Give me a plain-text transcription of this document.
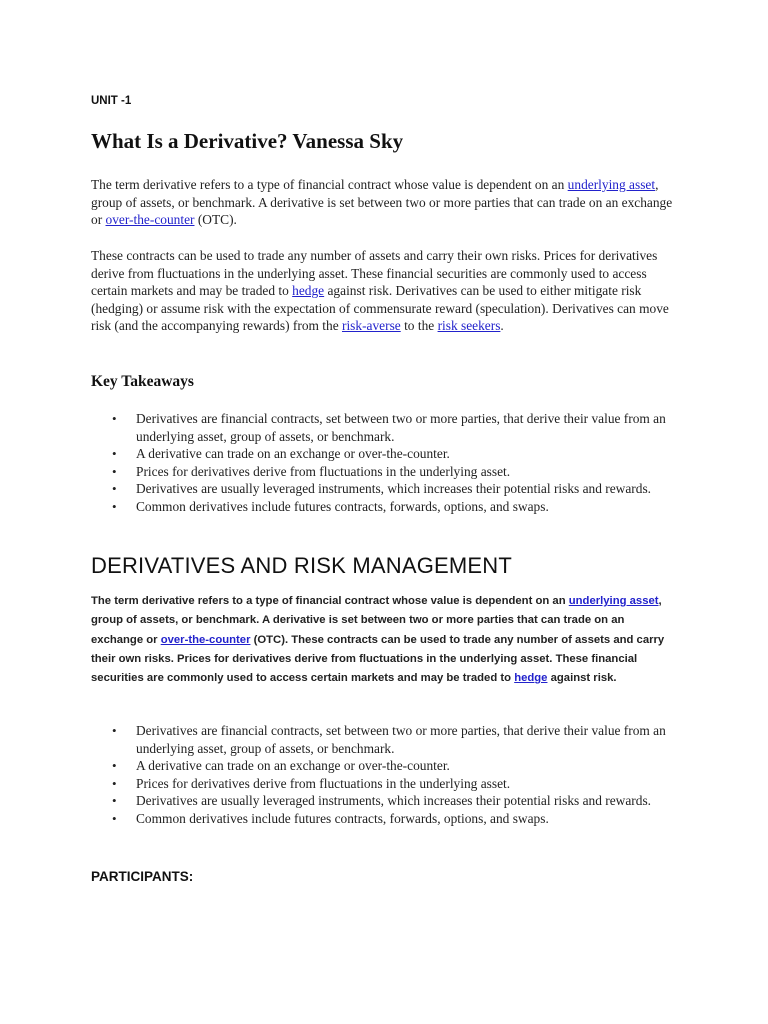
UNIT -1
What Is a Derivative? Vanessa Sky

The term derivative refers to a type of financial contract whose value is dependent on an underlying asset, group of assets, or benchmark. A derivative is set between two or more parties that can trade on an exchange or over-the-counter (OTC).

These contracts can be used to trade any number of assets and carry their own risks. Prices for derivatives derive from fluctuations in the underlying asset. These financial securities are commonly used to access certain markets and may be traded to hedge against risk. Derivatives can be used to either mitigate risk (hedging) or assume risk with the expectation of commensurate reward (speculation). Derivatives can move risk (and the accompanying rewards) from the risk-averse to the risk seekers.

Key Takeaways
• Derivatives are financial contracts, set between two or more parties, that derive their value from an underlying asset, group of assets, or benchmark.
• A derivative can trade on an exchange or over-the-counter.
• Prices for derivatives derive from fluctuations in the underlying asset.
• Derivatives are usually leveraged instruments, which increases their potential risks and rewards.
• Common derivatives include futures contracts, forwards, options, and swaps.
DERIVATIVES AND RISK MANAGEMENT

The term derivative refers to a type of financial contract whose value is dependent on an underlying asset, group of assets, or benchmark. A derivative is set between two or more parties that can trade on an exchange or over-the-counter (OTC). These contracts can be used to trade any number of assets and carry their own risks. Prices for derivatives derive from fluctuations in the underlying asset. These financial securities are commonly used to access certain markets and may be traded to hedge against risk.

• Derivatives are financial contracts, set between two or more parties, that derive their value from an underlying asset, group of assets, or benchmark.
• A derivative can trade on an exchange or over-the-counter.
• Prices for derivatives derive from fluctuations in the underlying asset.
• Derivatives are usually leveraged instruments, which increases their potential risks and rewards.
• Common derivatives include futures contracts, forwards, options, and swaps.
PARTICIPANTS:
